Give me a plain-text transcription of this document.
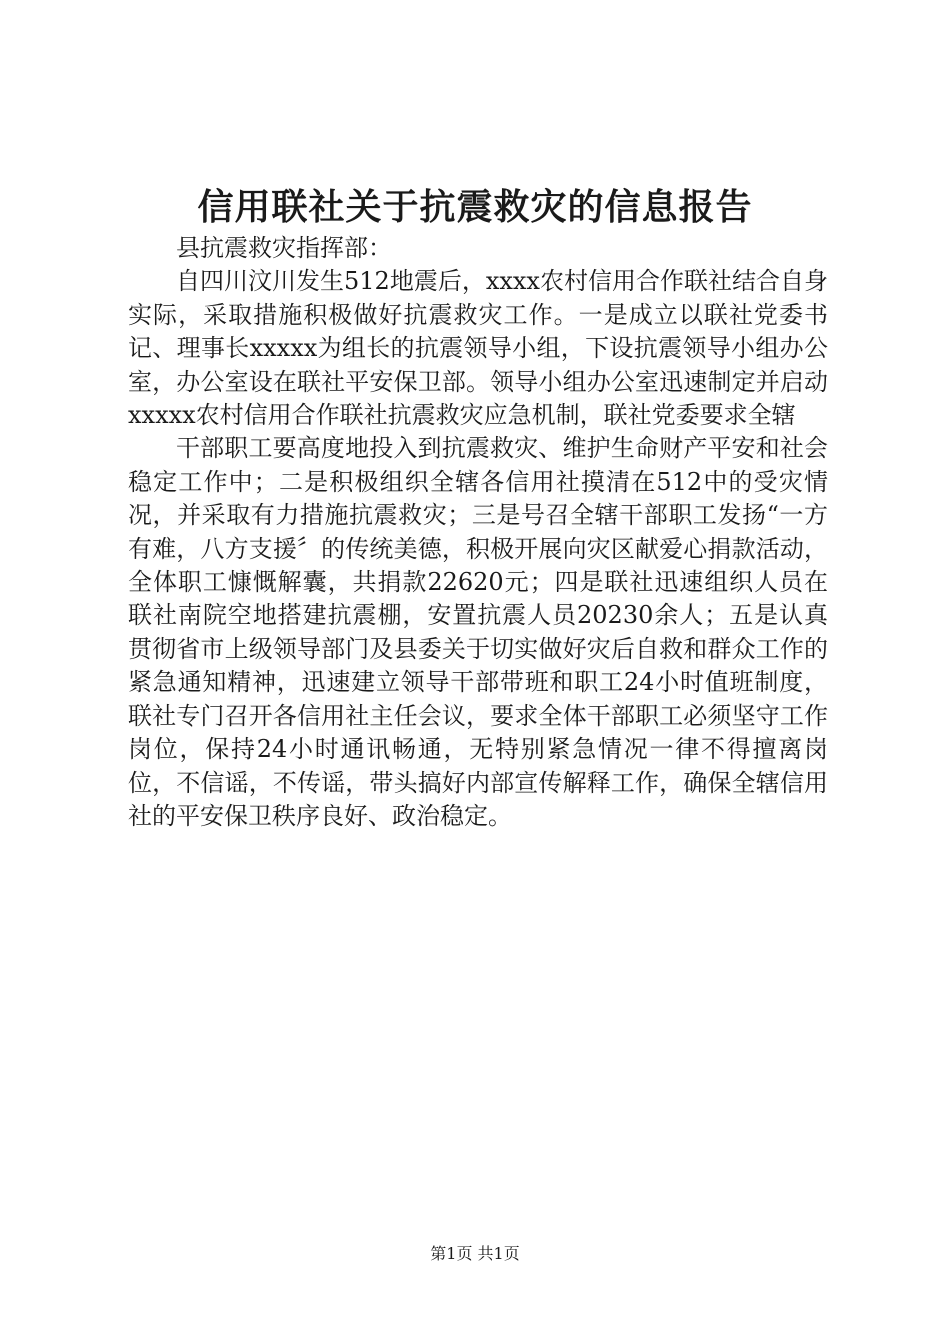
信用联社关于抗震救灾的信息报告

县抗震救灾指挥部：

自四川汶川发生512地震后，xxxx农村信用合作联社结合自身实际，采取措施积极做好抗震救灾工作。一是成立以联社党委书记、理事长xxxxx为组长的抗震领导小组，下设抗震领导小组办公室，办公室设在联社平安保卫部。领导小组办公室迅速制定并启动xxxxx农村信用合作联社抗震救灾应急机制，联社党委要求全辖

干部职工要高度地投入到抗震救灾、维护生命财产平安和社会稳定工作中；二是积极组织全辖各信用社摸清在512中的受灾情况，并采取有力措施抗震救灾；三是号召全辖干部职工发扬“一方有难，八方支援〞的传统美德，积极开展向灾区献爱心捐款活动，全体职工慷慨解囊，共捐款22620元；四是联社迅速组织人员在联社南院空地搭建抗震棚，安置抗震人员20230余人；五是认真贯彻省市上级领导部门及县委关于切实做好灾后自救和群众工作的紧急通知精神，迅速建立领导干部带班和职工24小时值班制度，联社专门召开各信用社主任会议，要求全体干部职工必须坚守工作岗位，保持24小时通讯畅通，无特别紧急情况一律不得擅离岗位，不信谣，不传谣，带头搞好内部宣传解释工作，确保全辖信用社的平安保卫秩序良好、政治稳定。

第1页 共1页
